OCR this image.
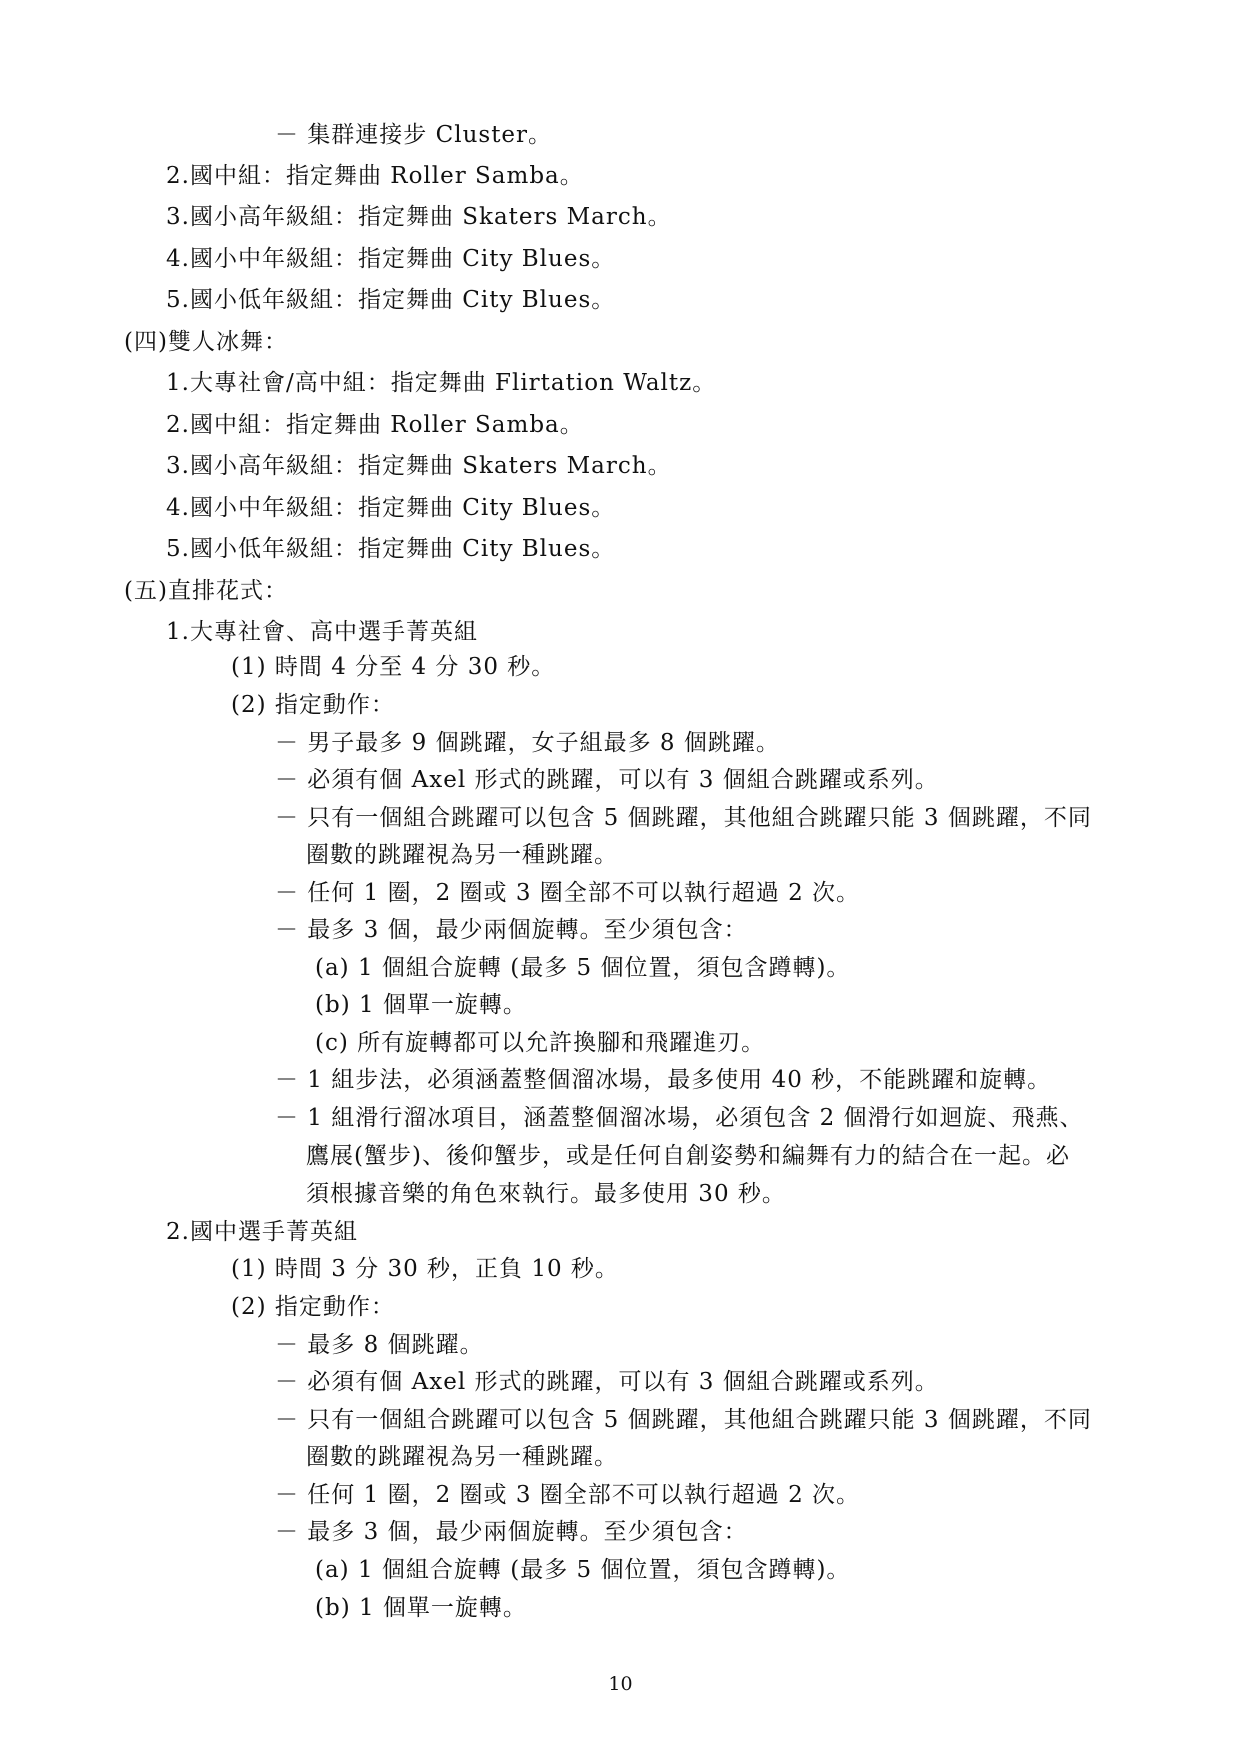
－ 集群連接步 Cluster。
2.國中組：指定舞曲 Roller Samba。
3.國小高年級組：指定舞曲 Skaters March。
4.國小中年級組：指定舞曲 City Blues。
5.國小低年級組：指定舞曲 City Blues。
(四)雙人冰舞：
1.大專社會/高中組：指定舞曲 Flirtation Waltz。
2.國中組：指定舞曲 Roller Samba。
3.國小高年級組：指定舞曲 Skaters March。
4.國小中年級組：指定舞曲 City Blues。
5.國小低年級組：指定舞曲 City Blues。
(五)直排花式：
1.大專社會、高中選手菁英組
(1) 時間 4 分至 4 分 30 秒。
(2) 指定動作：
－ 男子最多 9 個跳躍，女子組最多 8 個跳躍。
－ 必須有個 Axel 形式的跳躍，可以有 3 個組合跳躍或系列。
－ 只有一個組合跳躍可以包含 5 個跳躍，其他組合跳躍只能 3 個跳躍，不同
圈數的跳躍視為另一種跳躍。
－ 任何 1 圈，2 圈或 3 圈全部不可以執行超過 2 次。
－ 最多 3 個，最少兩個旋轉。至少須包含：
(a) 1 個組合旋轉 (最多 5 個位置，須包含蹲轉)。
(b) 1 個單一旋轉。
(c) 所有旋轉都可以允許換腳和飛躍進刃。
－ 1 組步法，必須涵蓋整個溜冰場，最多使用 40 秒，不能跳躍和旋轉。
－ 1 組滑行溜冰項目，涵蓋整個溜冰場，必須包含 2 個滑行如迴旋、飛燕、
鷹展(蟹步)、後仰蟹步，或是任何自創姿勢和編舞有力的結合在一起。必
須根據音樂的角色來執行。最多使用 30 秒。
2.國中選手菁英組
(1) 時間 3 分 30 秒，正負 10 秒。
(2) 指定動作：
－ 最多 8 個跳躍。
－ 必須有個 Axel 形式的跳躍，可以有 3 個組合跳躍或系列。
－ 只有一個組合跳躍可以包含 5 個跳躍，其他組合跳躍只能 3 個跳躍，不同
圈數的跳躍視為另一種跳躍。
－ 任何 1 圈，2 圈或 3 圈全部不可以執行超過 2 次。
－ 最多 3 個，最少兩個旋轉。至少須包含：
(a) 1 個組合旋轉 (最多 5 個位置，須包含蹲轉)。
(b) 1 個單一旋轉。
10
